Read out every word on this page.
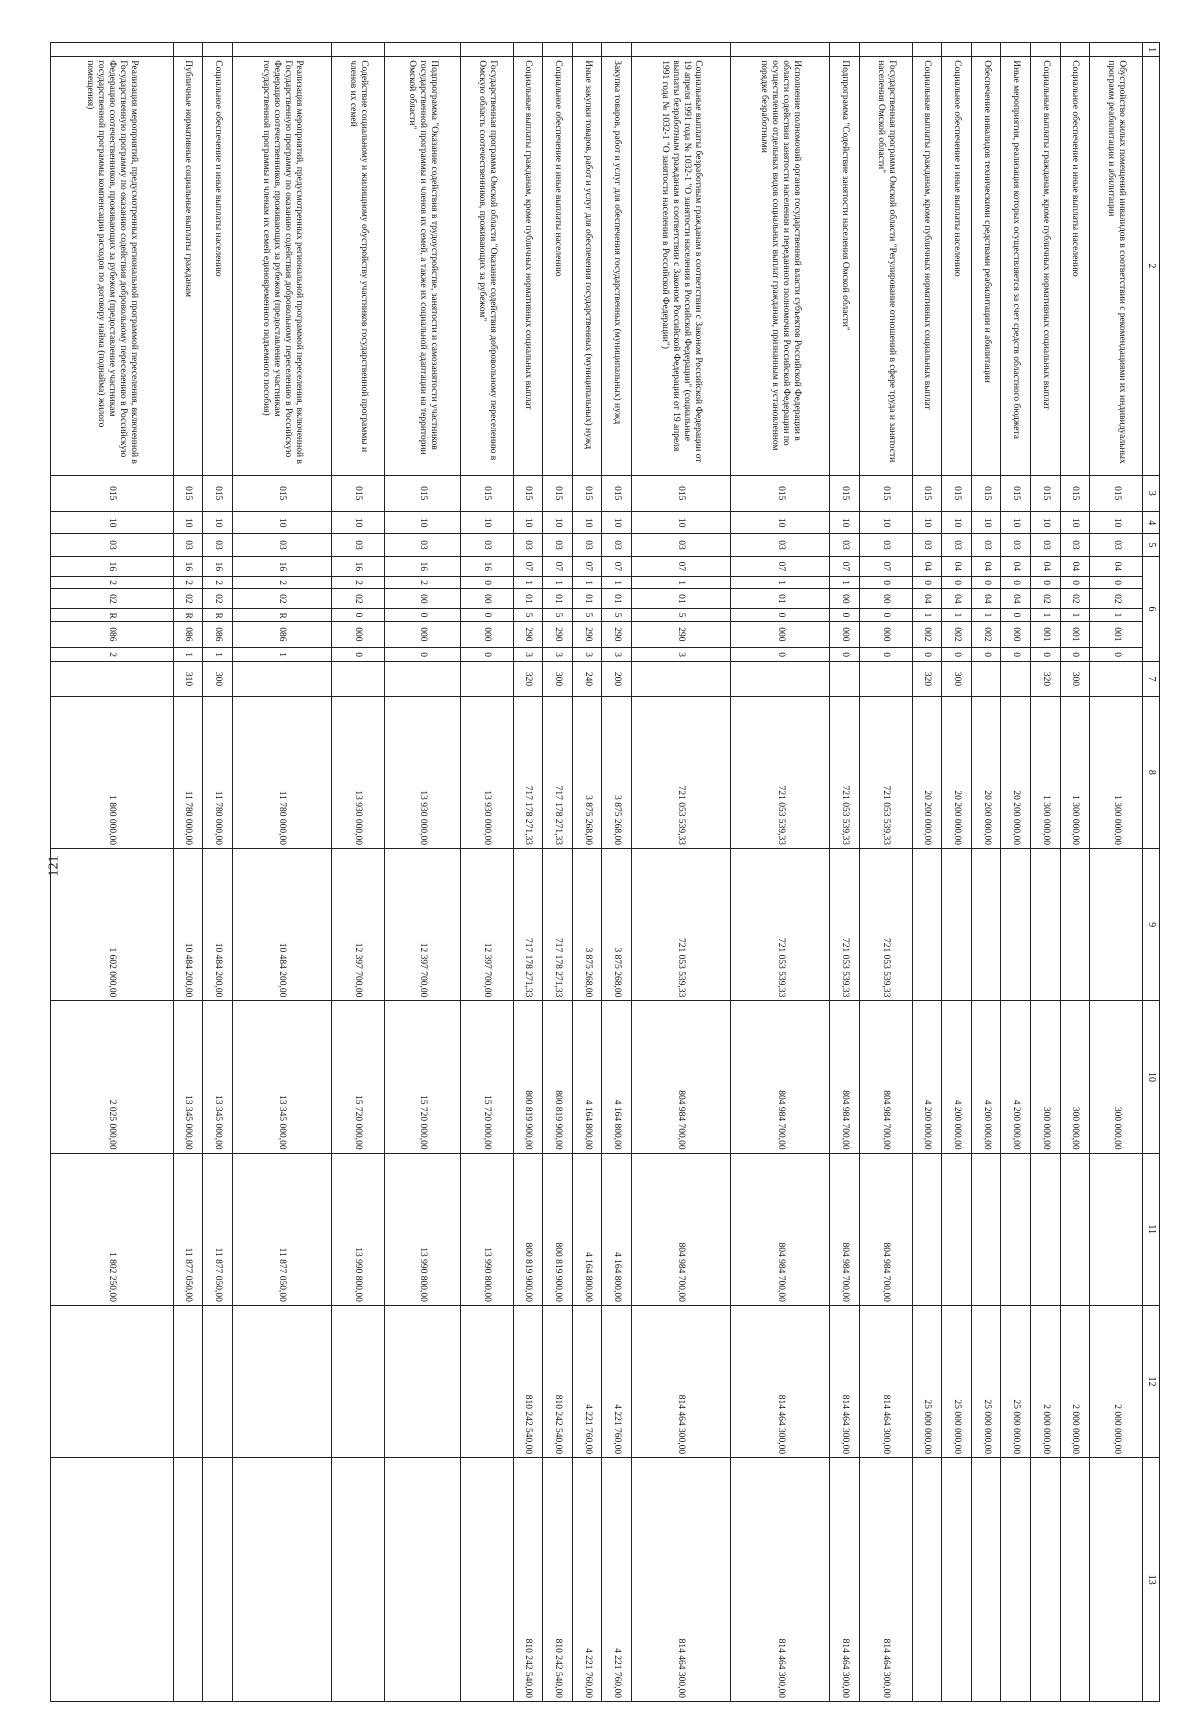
121
1	2	3	4	5	6						7	8	9	10	11	12	13
	Обустройство жилых помещений инвалидов в соответствии с рекомендациями их индивидуальных программ реабилитации и абилитации	015	10	03	04	0	02	1	001	0		1 300 000,00		300 000,00		2 000 000,00	
	Социальное обеспечение и иные выплаты населению	015	10	03	04	0	02	1	001	0	300	1 300 000,00		300 000,00		2 000 000,00	
	Социальные выплаты гражданам, кроме публичных нормативных социальных выплат	015	10	03	04	0	02	1	001	0	320	1 300 000,00		300 000,00		2 000 000,00	
	Иные мероприятия, реализация которых осуществляется за счет средств областного бюджета	015	10	03	04	0	04	0	000	0		20 200 000,00		4 200 000,00		25 000 000,00	
	Обеспечение инвалидов техническими средствами реабилитации и абилитации	015	10	03	04	0	04	1	002	0		20 200 000,00		4 200 000,00		25 000 000,00	
	Социальное обеспечение и иные выплаты населению	015	10	03	04	0	04	1	002	0	300	20 200 000,00		4 200 000,00		25 000 000,00	
	Социальные выплаты гражданам, кроме публичных нормативных социальных выплат	015	10	03	04	0	04	1	002	0	320	20 200 000,00		4 200 000,00		25 000 000,00	
	Государственная программа Омской области "Регулирование отношений в сфере труда и занятости населения Омской области"	015	10	03	07	0	00	0	000	0		721 053 539,33	721 053 539,33	804 984 700,00	804 984 700,00	814 464 300,00	814 464 300,00
	Подпрограмма "Содействие занятости населения Омской области"	015	10	03	07	1	00	0	000	0		721 053 539,33	721 053 539,33	804 984 700,00	804 984 700,00	814 464 300,00	814 464 300,00
	Исполнение полномочий органов государственной власти субъектов Российской Федерации в области содействия занятости населения и переданного полномочия Российской Федерации по осуществлению отдельных видов социальных выплат гражданам, признанным в установленном порядке безработными	015	10	03	07	1	01	0	000	0		721 053 539,33	721 053 539,33	804 984 700,00	804 984 700,00	814 464 300,00	814 464 300,00
	Социальные выплаты безработным гражданам в соответствии с Законом Российской Федерации от 19 апреля 1991 года № 1032-1 "О занятости населения в Российской Федерации" (социальные выплаты безработным гражданам в соответствии с Законом Российской Федерации от 19 апреля 1991 года № 1032-1 "О занятости населения в Российской Федерации")	015	10	03	07	1	01	5	290	3		721 053 539,33	721 053 539,33	804 984 700,00	804 984 700,00	814 464 300,00	814 464 300,00
	Закупка товаров, работ и услуг для обеспечения государственных (муниципальных) нужд	015	10	03	07	1	01	5	290	3	200	3 875 268,00	3 875 268,00	4 164 800,00	4 164 800,00	4 221 760,00	4 221 760,00
	Иные закупки товаров, работ и услуг для обеспечения государственных (муниципальных) нужд	015	10	03	07	1	01	5	290	3	240	3 875 268,00	3 875 268,00	4 164 800,00	4 164 800,00	4 221 760,00	4 221 760,00
	Социальное обеспечение и иные выплаты населению	015	10	03	07	1	01	5	290	3	300	717 178 271,33	717 178 271,33	800 819 900,00	800 819 900,00	810 242 540,00	810 242 540,00
	Социальные выплаты гражданам, кроме публичных нормативных социальных выплат	015	10	03	07	1	01	5	290	3	320	717 178 271,33	717 178 271,33	800 819 900,00	800 819 900,00	810 242 540,00	810 242 540,00
	Государственная программа Омской области "Оказание содействия добровольному переселению в Омскую область соотечественников, проживающих за рубежом"	015	10	03	16	0	00	0	000	0		13 930 000,00	12 397 700,00	15 720 000,00	13 990 800,00		
	Подпрограмма "Оказание содействия в трудоустройстве, занятости и самозанятости участников государственной программы и членов их семей, а также их социальной адаптации на территории Омской области"	015	10	03	16	2	00	0	000	0		13 930 000,00	12 397 700,00	15 720 000,00	13 990 800,00		
	Содействие социальному и жилищному обустройству участников государственной программы и членов их семей	015	10	03	16	2	02	0	000	0		13 930 000,00	12 397 700,00	15 720 000,00	13 990 800,00		
	Реализация мероприятий, предусмотренных региональной программой переселения, включенной в Государственную программу по оказанию содействия добровольному переселению в Российскую Федерацию соотечественников, проживающих за рубежом (предоставление участникам государственной программы и членам их семей единовременного подъемного пособия)	015	10	03	16	2	02	R	086	1		11 780 000,00	10 484 200,00	13 345 000,00	11 877 050,00		
	Социальное обеспечение и иные выплаты населению	015	10	03	16	2	02	R	086	1	300	11 780 000,00	10 484 200,00	13 345 000,00	11 877 050,00		
	Публичные нормативные социальные выплаты гражданам	015	10	03	16	2	02	R	086	1	310	11 780 000,00	10 484 200,00	13 345 000,00	11 877 050,00		
	Реализация мероприятий, предусмотренных региональной программой переселения, включенной в Государственную программу по оказанию содействия добровольному переселению в Российскую Федерацию соотечественников, проживающих за рубежом (предоставление участникам государственной программы компенсации расходов по договору найма (поднайма) жилого помещения)	015	10	03	16	2	02	R	086	2		1 800 000,00	1 602 000,00	2 025 000,00	1 802 250,00		
